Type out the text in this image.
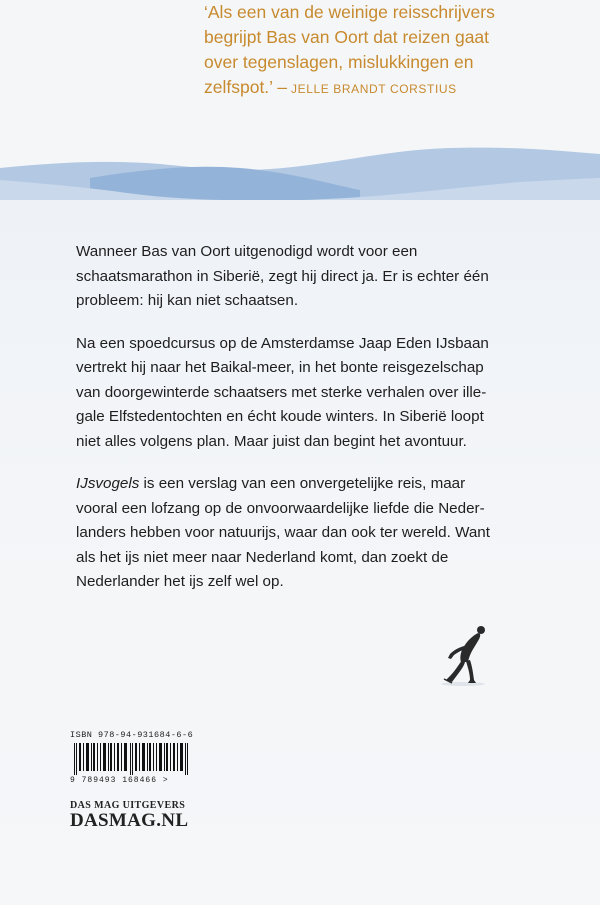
‘Als een van de weinige reisschrijvers
begrijpt Bas van Oort dat reizen gaat
over tegenslagen, mislukkingen en
zelfspot.’ – JELLE BRANDT CORSTIUS

Wanneer Bas van Oort uitgenodigd wordt voor een
schaatsmarathon in Siberië, zegt hij direct ja. Er is echter één
probleem: hij kan niet schaatsen.

Na een spoedcursus op de Amsterdamse Jaap Eden IJsbaan
vertrekt hij naar het Baikal-meer, in het bonte reisgezelschap
van doorgewinterde schaatsers met sterke verhalen over ille-
gale Elfstedentochten en écht koude winters. In Siberië loopt
niet alles volgens plan. Maar juist dan begint het avontuur.

IJsvogels is een verslag van een onvergetelijke reis, maar
vooral een lofzang op de onvoorwaardelijke liefde die Neder-
landers hebben voor natuurijs, waar dan ook ter wereld. Want
als het ijs niet meer naar Nederland komt, dan zoekt de
Nederlander het ijs zelf wel op.

ISBN 978-94-931684-6-6
9 789493 168466 >
DAS MAG UITGEVERS
DASMAG.NL
